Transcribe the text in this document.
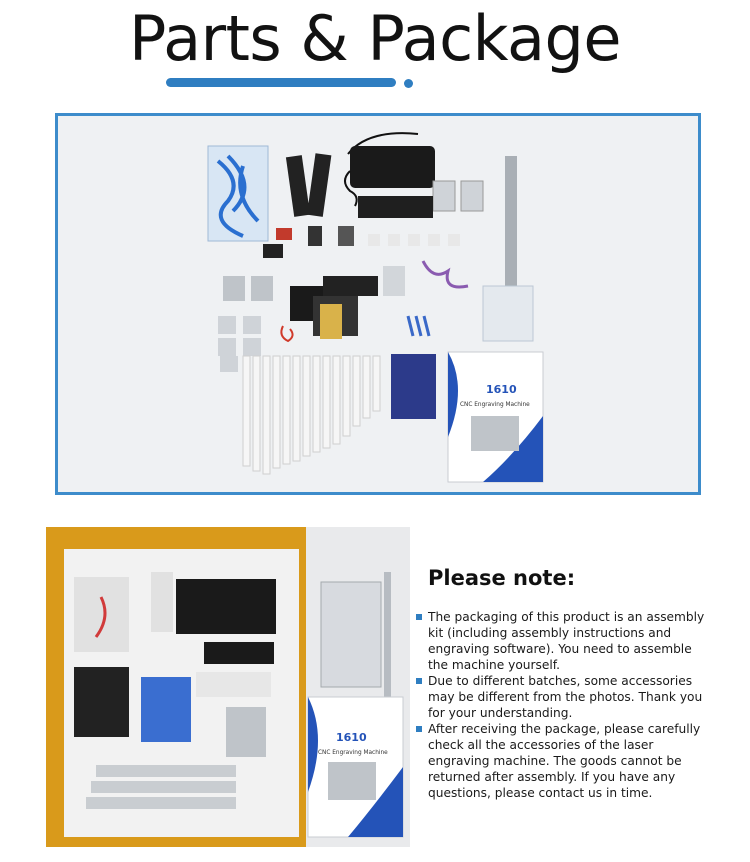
Parts & Package
1610
CNC Engraving Machine
1610
CNC Engraving Machine
Please note:
The packaging of this product is an assembly kit (including assembly instructions and engraving software). You need to assemble the machine yourself.
Due to different batches, some accessories may be different from the photos. Thank you for your understanding.
After receiving the package, please carefully check all the accessories of the laser engraving machine. The goods cannot be returned after assembly. If you have any questions, please contact us in time.
